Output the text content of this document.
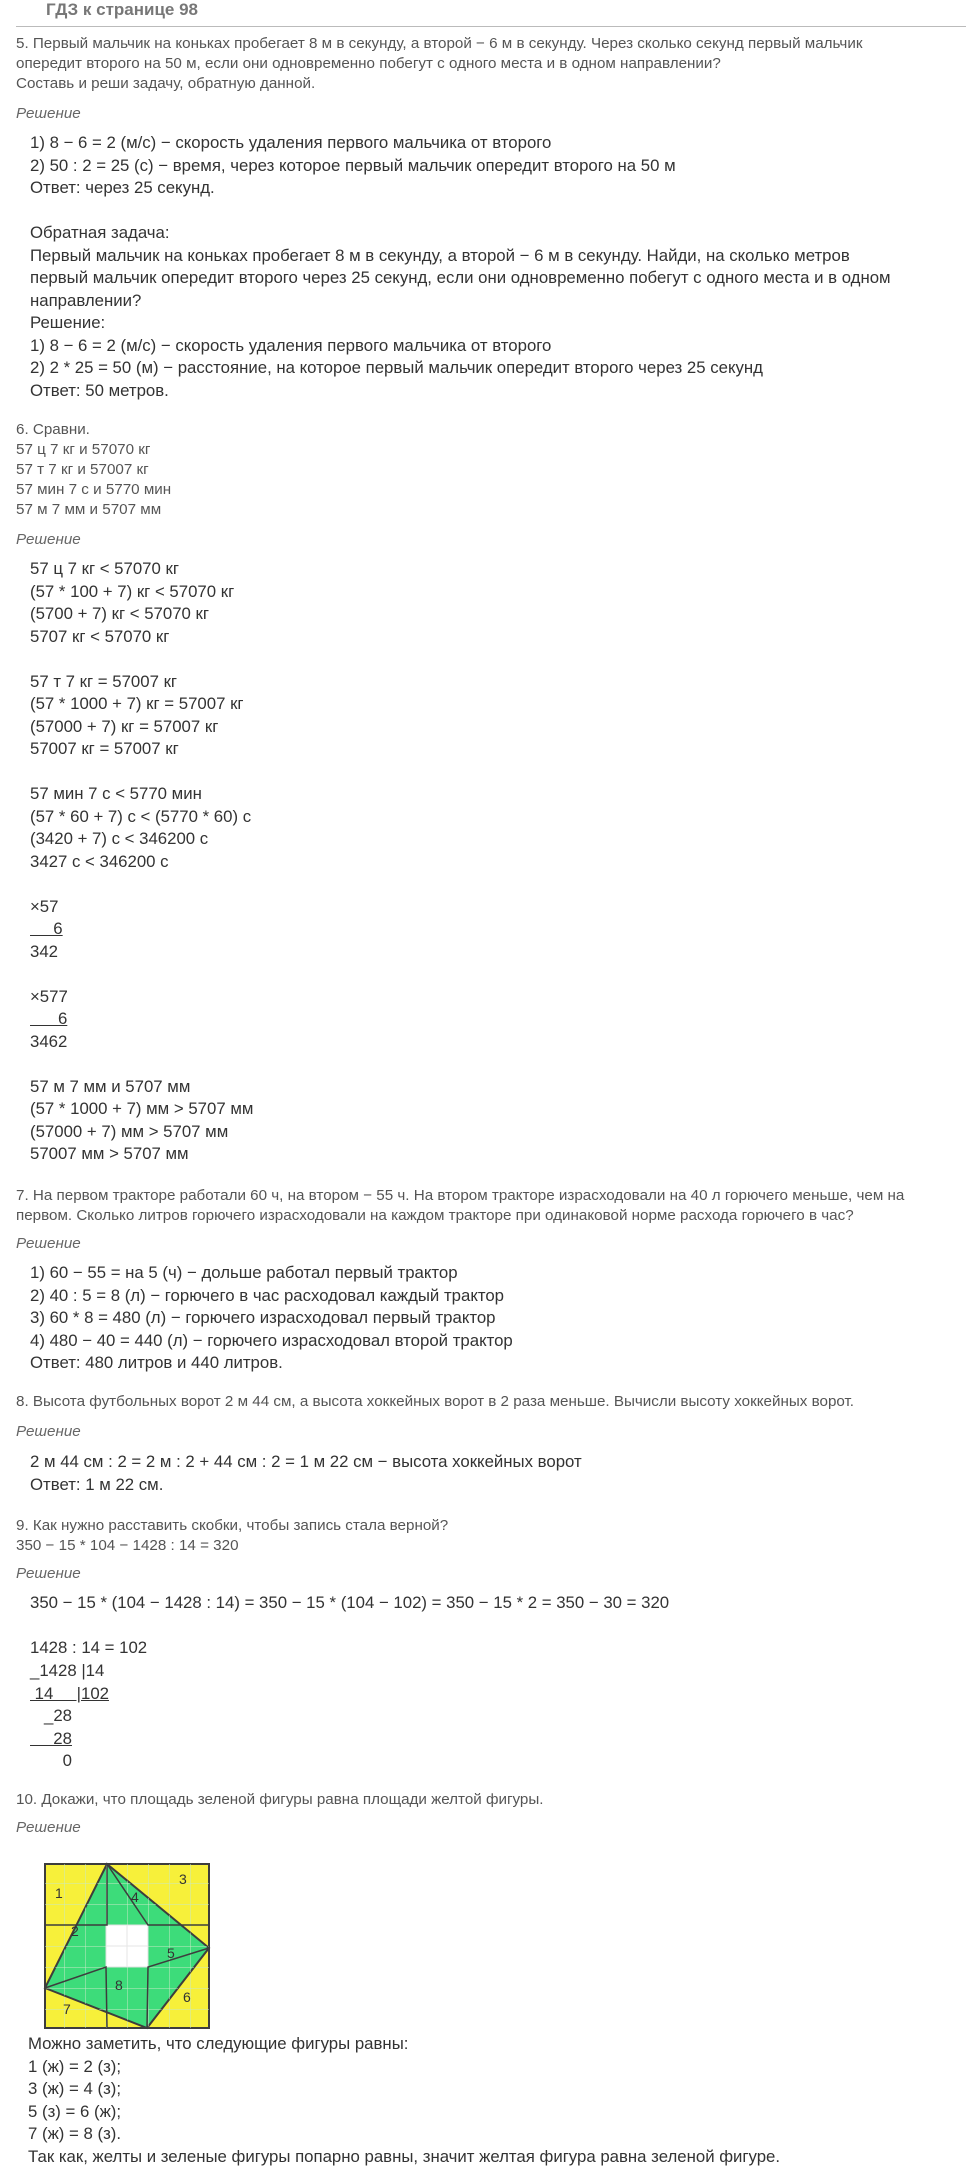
ГДЗ к странице 98
5. Первый мальчик на коньках пробегает 8 м в секунду, а второй − 6 м в секунду. Через сколько секунд первый мальчик
опередит второго на 50 м, если они одновременно побегут с одного места и в одном направлении?
Составь и реши задачу, обратную данной.
Решение
1) 8 − 6 = 2 (м/с) − скорость удаления первого мальчика от второго
2) 50 : 2 = 25 (с) − время, через которое первый мальчик опередит второго на 50 м
Ответ: через 25 секунд.
Обратная задача:
Первый мальчик на коньках пробегает 8 м в секунду, а второй − 6 м в секунду. Найди, на сколько метров
первый мальчик опередит второго через 25 секунд, если они одновременно побегут с одного места и в одном
направлении?
Решение:
1) 8 − 6 = 2 (м/с) − скорость удаления первого мальчика от второго
2) 2 * 25 = 50 (м) − расстояние, на которое первый мальчик опередит второго через 25 секунд
Ответ: 50 метров.
6. Сравни.
57 ц 7 кг и 57070 кг
57 т 7 кг и 57007 кг
57 мин 7 с и 5770 мин
57 м 7 мм и 5707 мм
Решение
57 ц 7 кг < 57070 кг
(57 * 100 + 7) кг < 57070 кг
(5700 + 7) кг < 57070 кг
5707 кг < 57070 кг
57 т 7 кг = 57007 кг
(57 * 1000 + 7) кг = 57007 кг
(57000 + 7) кг = 57007 кг
57007 кг = 57007 кг
57 мин 7 с < 5770 мин
(57 * 60 + 7) с < (5770 * 60) с
(3420 + 7) с < 346200 с
3427 с < 346200 с
×57
6
342
×577
6
3462
57 м 7 мм и 5707 мм
(57 * 1000 + 7) мм > 5707 мм
(57000 + 7) мм > 5707 мм
57007 мм > 5707 мм
7. На первом тракторе работали 60 ч, на втором − 55 ч. На втором тракторе израсходовали на 40 л горючего меньше, чем на
первом. Сколько литров горючего израсходовали на каждом тракторе при одинаковой норме расхода горючего в час?
Решение
1) 60 − 55 = на 5 (ч) − дольше работал первый трактор
2) 40 : 5 = 8 (л) − горючего в час расходовал каждый трактор
3) 60 * 8 = 480 (л) − горючего израсходовал первый трактор
4) 480 − 40 = 440 (л) − горючего израсходовал второй трактор
Ответ: 480 литров и 440 литров.
8. Высота футбольных ворот 2 м 44 см, а высота хоккейных ворот в 2 раза меньше. Вычисли высоту хоккейных ворот.
Решение
2 м 44 см : 2 = 2 м : 2 + 44 см : 2 = 1 м 22 см − высота хоккейных ворот
Ответ: 1 м 22 см.
9. Как нужно расставить скобки, чтобы запись стала верной?
350 − 15 * 104 − 1428 : 14 = 320
Решение
350 − 15 * (104 − 1428 : 14) = 350 − 15 * (104 − 102) = 350 − 15 * 2 = 350 − 30 = 320
1428 : 14 = 102
_1428 |14
14     |102
_28
28
0
10. Докажи, что площадь зеленой фигуры равна площади желтой фигуры.
Решение
1
2
3
4
5
6
7
8
Можно заметить, что следующие фигуры равны:
1 (ж) = 2 (з);
3 (ж) = 4 (з);
5 (з) = 6 (ж);
7 (ж) = 8 (з).
Так как, желты и зеленые фигуры попарно равны, значит желтая фигура равна зеленой фигуре.
